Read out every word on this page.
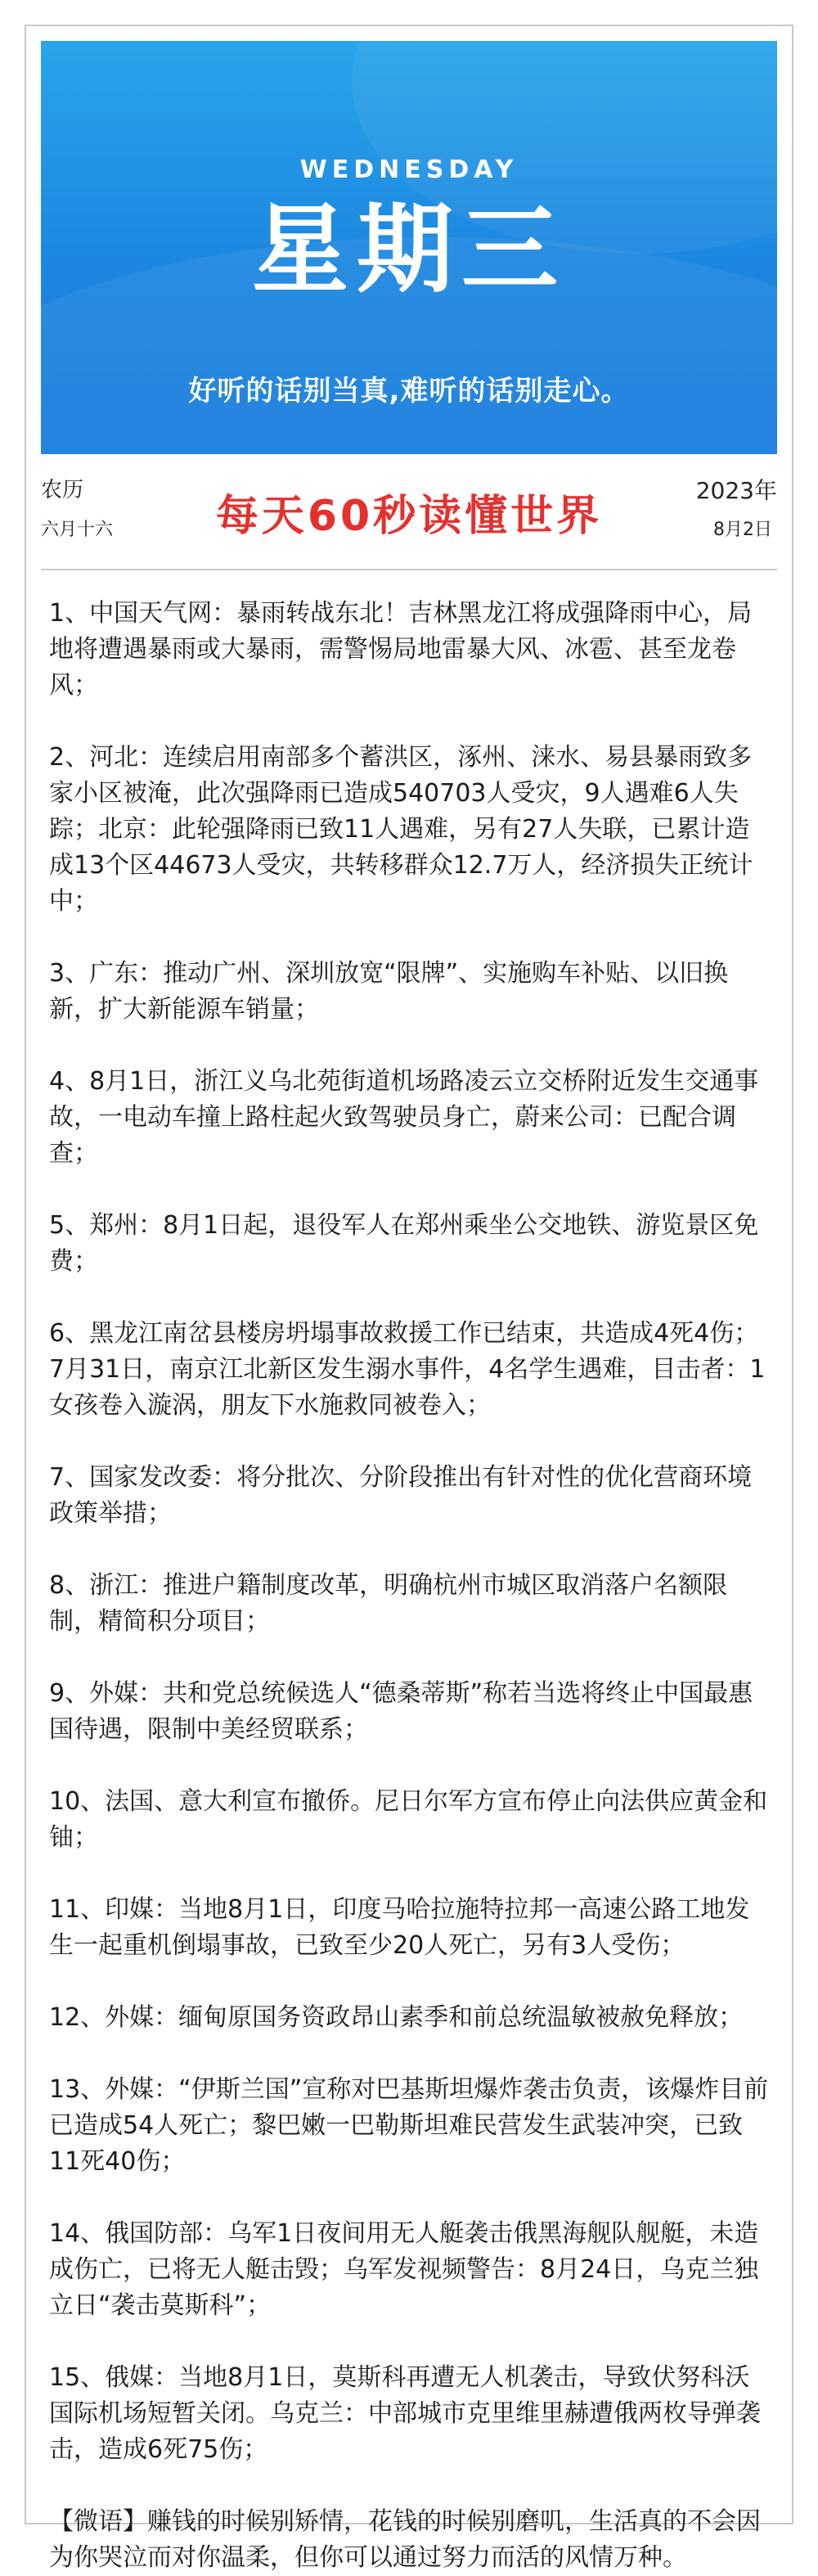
WEDNESDAY
星期三
好听的话别当真,难听的话别走心。
农历
六月十六	每天60秒读懂世界
2023年
8月2日
1、中国天气网：暴雨转战东北！吉林黑龙江将成强降雨中心，局地将遭遇暴雨或大暴雨，需警惕局地雷暴大风、冰雹、甚至龙卷风；
2、河北：连续启用南部多个蓄洪区，涿州、涞水、易县暴雨致多家小区被淹，此次强降雨已造成540703人受灾，9人遇难6人失踪；北京：此轮强降雨已致11人遇难，另有27人失联，已累计造成13个区44673人受灾，共转移群众12.7万人，经济损失正统计中；
3、广东：推动广州、深圳放宽“限牌”、实施购车补贴、以旧换新，扩大新能源车销量；
4、8月1日，浙江义乌北苑街道机场路凌云立交桥附近发生交通事故，一电动车撞上路柱起火致驾驶员身亡，蔚来公司：已配合调查；
5、郑州：8月1日起，退役军人在郑州乘坐公交地铁、游览景区免费；
6、黑龙江南岔县楼房坍塌事故救援工作已结束，共造成4死4伤；7月31日，南京江北新区发生溺水事件，4名学生遇难，目击者：1女孩卷入漩涡，朋友下水施救同被卷入；
7、国家发改委：将分批次、分阶段推出有针对性的优化营商环境政策举措；
8、浙江：推进户籍制度改革，明确杭州市城区取消落户名额限制，精简积分项目；
9、外媒：共和党总统候选人“德桑蒂斯”称若当选将终止中国最惠国待遇，限制中美经贸联系；
10、法国、意大利宣布撤侨。尼日尔军方宣布停止向法供应黄金和铀；
11、印媒：当地8月1日，印度马哈拉施特拉邦一高速公路工地发生一起重机倒塌事故，已致至少20人死亡，另有3人受伤；
12、外媒：缅甸原国务资政昂山素季和前总统温敏被赦免释放；
13、外媒：“伊斯兰国”宣称对巴基斯坦爆炸袭击负责，该爆炸目前已造成54人死亡；黎巴嫩一巴勒斯坦难民营发生武装冲突，已致11死40伤；
14、俄国防部：乌军1日夜间用无人艇袭击俄黑海舰队舰艇，未造成伤亡，已将无人艇击毁；乌军发视频警告：8月24日，乌克兰独立日“袭击莫斯科”；
15、俄媒：当地8月1日，莫斯科再遭无人机袭击，导致伏努科沃国际机场短暂关闭。乌克兰：中部城市克里维里赫遭俄两枚导弹袭击，造成6死75伤；
【微语】赚钱的时候别矫情，花钱的时候别磨叽，生活真的不会因为你哭泣而对你温柔，但你可以通过努力而活的风情万种。
